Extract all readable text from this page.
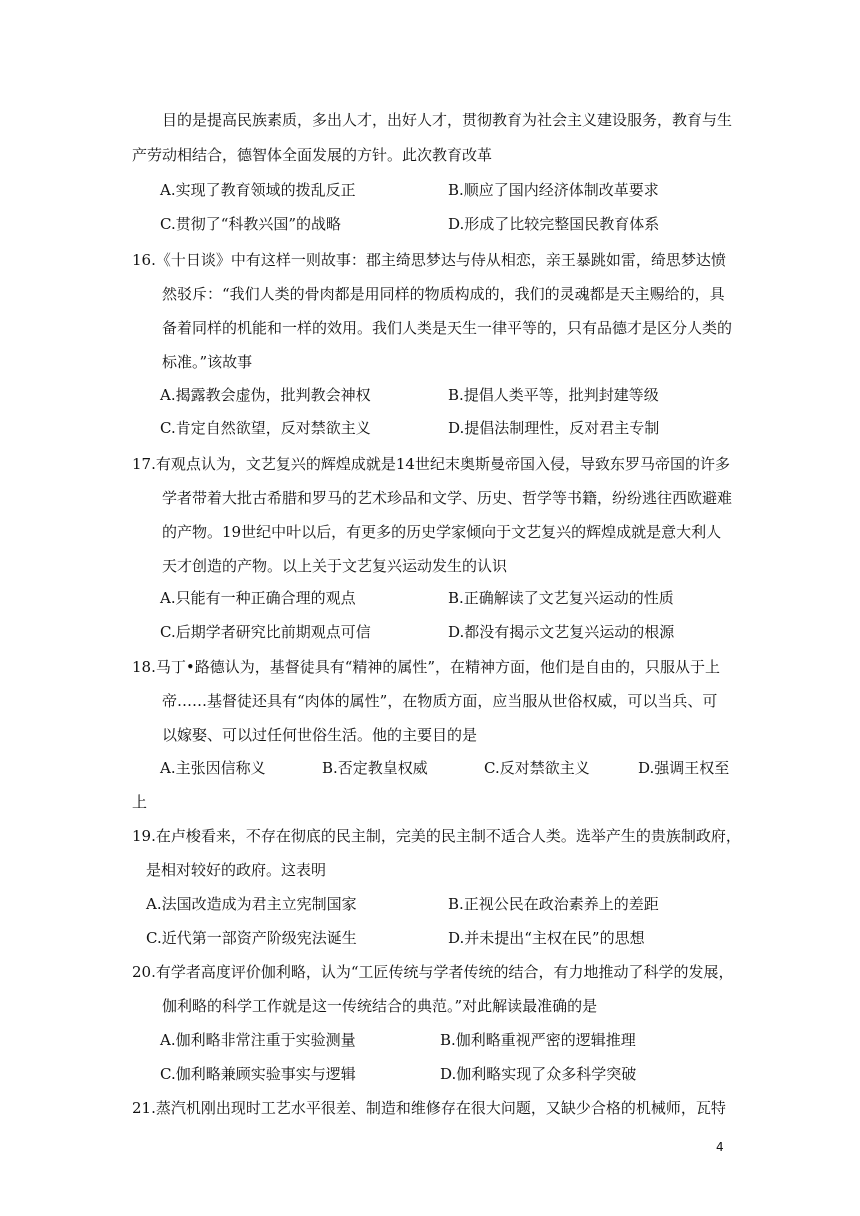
目的是提高民族素质，多出人才，出好人才，贯彻教育为社会主义建设服务，教育与生
产劳动相结合，德智体全面发展的方针。此次教育改革
A.实现了教育领域的拨乱反正	B.顺应了国内经济体制改革要求
C.贯彻了“科教兴国”的战略	D.形成了比较完整国民教育体系
16.《十日谈》中有这样一则故事：郡主绮思梦达与侍从相恋，亲王暴跳如雷，绮思梦达愤
然驳斥：“我们人类的骨肉都是用同样的物质构成的，我们的灵魂都是天主赐给的，具
备着同样的机能和一样的效用。我们人类是天生一律平等的，只有品德才是区分人类的
标准。”该故事
A.揭露教会虚伪，批判教会神权	B.提倡人类平等，批判封建等级
C.肯定自然欲望，反对禁欲主义	D.提倡法制理性，反对君主专制
17.有观点认为，文艺复兴的辉煌成就是14世纪末奥斯曼帝国入侵，导致东罗马帝国的许多
学者带着大批古希腊和罗马的艺术珍品和文学、历史、哲学等书籍，纷纷逃往西欧避难
的产物。19世纪中叶以后，有更多的历史学家倾向于文艺复兴的辉煌成就是意大利人
天才创造的产物。以上关于文艺复兴运动发生的认识
A.只能有一种正确合理的观点	B.正确解读了文艺复兴运动的性质
C.后期学者研究比前期观点可信	D.都没有揭示文艺复兴运动的根源
18.马丁•路德认为，基督徒具有“精神的属性”，在精神方面，他们是自由的，只服从于上
帝……基督徒还具有“肉体的属性”，在物质方面，应当服从世俗权威，可以当兵、可
以嫁娶、可以过任何世俗生活。他的主要目的是
A.主张因信称义	B.否定教皇权威	C.反对禁欲主义	D.强调王权至
上
19.在卢梭看来，不存在彻底的民主制，完美的民主制不适合人类。选举产生的贵族制政府，
是相对较好的政府。这表明
A.法国改造成为君主立宪制国家	B.正视公民在政治素养上的差距
C.近代第一部资产阶级宪法诞生	D.并未提出“主权在民”的思想
20.有学者高度评价伽利略，认为“工匠传统与学者传统的结合，有力地推动了科学的发展，
伽利略的科学工作就是这一传统结合的典范。”对此解读最准确的是
A.伽利略非常注重于实验测量	B.伽利略重视严密的逻辑推理
C.伽利略兼顾实验事实与逻辑	D.伽利略实现了众多科学突破
21.蒸汽机刚出现时工艺水平很差、制造和维修存在很大问题，又缺少合格的机械师，瓦特
4
